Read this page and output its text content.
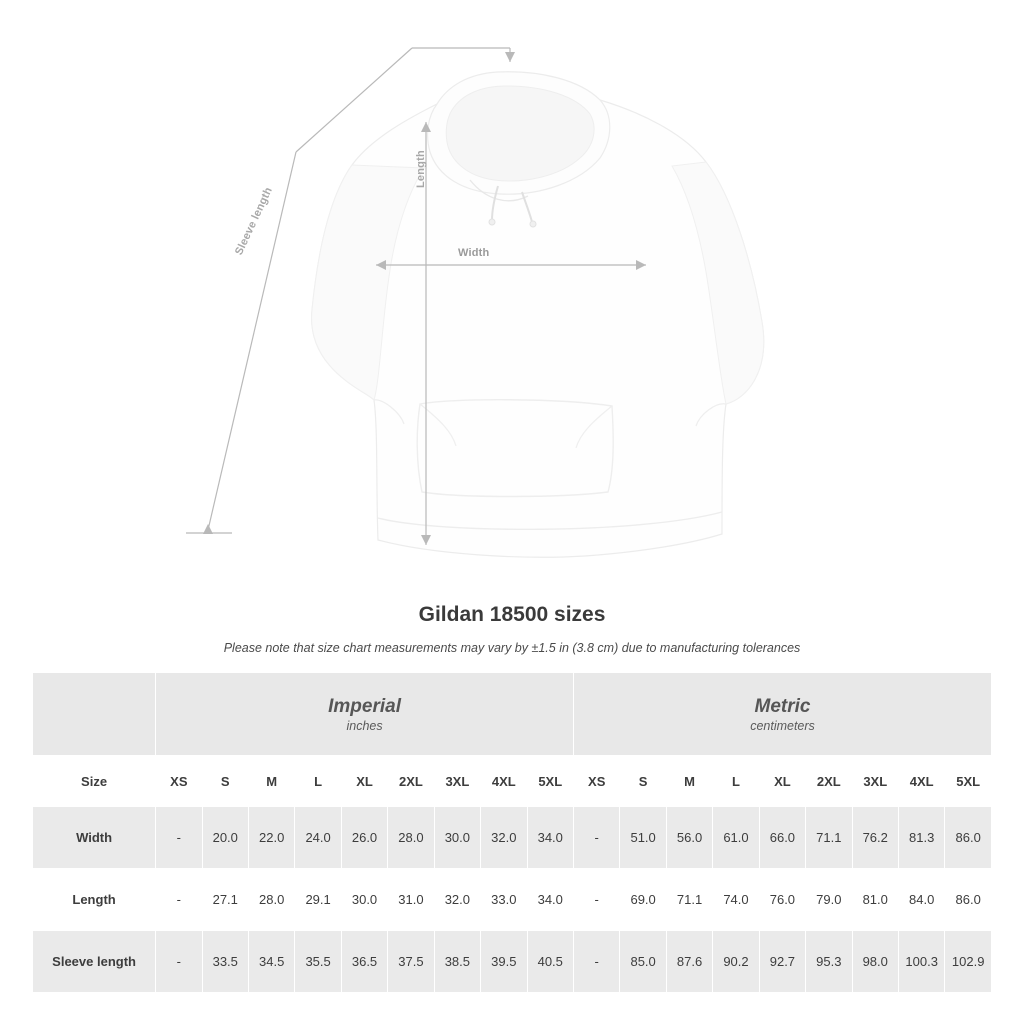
Width
Length
Sleeve length
Gildan 18500 sizes
Please note that size chart measurements may vary by ±1.5 in (3.8 cm) due to manufacturing tolerances

	Imperial
inches									Metric
centimeters								

Size	XS	S	M	L	XL	2XL	3XL	4XL	5XL	XS	S	M	L	XL	2XL	3XL	4XL	5XL
Width	-	20.0	22.0	24.0	26.0	28.0	30.0	32.0	34.0	-	51.0	56.0	61.0	66.0	71.1	76.2	81.3	86.0
Length	-	27.1	28.0	29.1	30.0	31.0	32.0	33.0	34.0	-	69.0	71.1	74.0	76.0	79.0	81.0	84.0	86.0
Sleeve length	-	33.5	34.5	35.5	36.5	37.5	38.5	39.5	40.5	-	85.0	87.6	90.2	92.7	95.3	98.0	100.3	102.9
